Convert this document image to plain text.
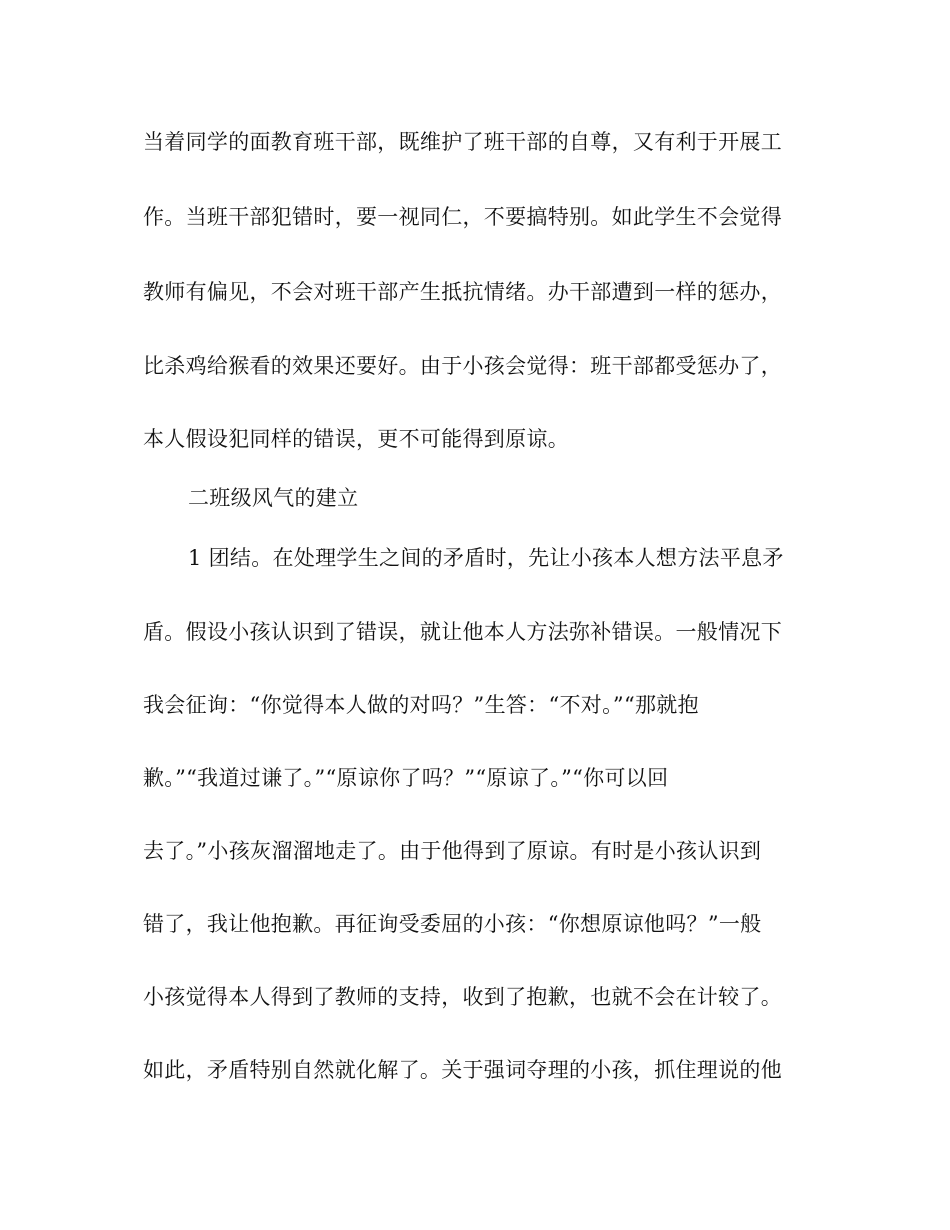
当着同学的面教育班干部，既维护了班干部的自尊，又有利于开展工
作。当班干部犯错时，要一视同仁，不要搞特别。如此学生不会觉得
教师有偏见，不会对班干部产生抵抗情绪。办干部遭到一样的惩办，
比杀鸡给猴看的效果还要好。由于小孩会觉得：班干部都受惩办了，
本人假设犯同样的错误，更不可能得到原谅。
二班级风气的建立
1 团结。在处理学生之间的矛盾时，先让小孩本人想方法平息矛
盾。假设小孩认识到了错误，就让他本人方法弥补错误。一般情况下
我会征询：“你觉得本人做的对吗？”生答：“不对。”“那就抱
歉。”“我道过谦了。”“原谅你了吗？”“原谅了。”“你可以回
去了。”小孩灰溜溜地走了。由于他得到了原谅。有时是小孩认识到
错了，我让他抱歉。再征询受委屈的小孩：“你想原谅他吗？”一般
小孩觉得本人得到了教师的支持，收到了抱歉，也就不会在计较了。
如此，矛盾特别自然就化解了。关于强词夺理的小孩，抓住理说的他
